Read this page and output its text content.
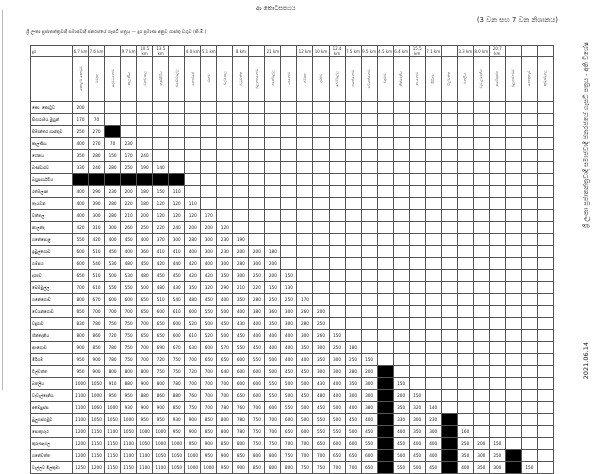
ආ කොටසපඨය
(3 වන සහ 7 වන නිශානය)
ශ්‍රී ලංකා ප්‍රජාතන්ත්‍රවාදී සමාජවාදී ජනරජයේ ගැසට් පත්‍රය — දුර ප්‍රමාණ අනුව ගාස්තු වගුව (කි.මී.)
දුර	6.7 km	7.6 km		9.7 km	10.5 km	13.5 km		4.0 km	5.1 km		8 km		21 km		12 km	10 km	12.4 km	7.5 km	9.5 km	4.5 km	6.4 km	15.5 km	7.1 km		3.3 km	8.0 km	20.7 km			
	කොළඹ කොටුව	මරදාන	දෙමටගොඩ	කැලණිය	වනවාසල	හුණුපිටිය	එඬේරමුල්ල	හොරපේ	රාගම	වල්පොල	බටුවත්ත	බුලුගහගොඩ	ගනේමුල්ල	යාගොඩ	ගම්පහ	දරළුව	බෙම්මුල්ල	ගනේගොඩ	වේයන්ගොඩ	වඳුරාව	හීන්දෙනිය	ආංගොඩ	මීරිගම	විල්වත්ත	බතලීය	වෑවැල්දෙනිය	අඹේපුස්ස	බුලුගස්ගමුව	පොතුහැර	කුරුණෑගල
කො. කොටුව	200																													
සිංහරාමය මුහුන්	170	70																												
සීමාන්තර ගාස්තුව	250	270																												
කැලණිය	400	270	70	230																										
හේනය	350	280	150	170	240																									
බණ්ඩාරව	330	240	280	250	190	140																								
බහුපාර්ශ්වීය																														
රත්මලාන	400	290	230	200	180	150	110																							
තැරැවන	400	390	280	220	180	120	120	110																						
වත්තල	400	300	280	210	200	120	120	120	170																					
නාලන්ද	420	310	300	260	250	220	240	200	200	120																				
ගනේපොළ	550	420	400	450	400	370	300	280	300	230	190																			
ඉඹුල්ගොඩ	600	510	450	400	360	410	410	400	300	230	200	200	180																	
ගම්පහ	600	540	530	480	450	420	440	420	400	300	280	300	200																	
දරළුව	650	510	500	530	480	450	450	420	420	350	300	250	200	150																
බෙම්මුල්ල	700	610	550	550	500	480	430	350	320	290	210	220	150	130																
ගනේගොඩ	800	670	600	600	650	510	540	480	450	400	350	280	250	250	170															
වේයන්ගොඩ	850	700	700	700	650	600	610	600	550	500	400	380	360	300	260	200														
වඳුරාව	830	780	750	750	700	650	600	520	500	450	430	400	350	300	280	250														
හීන්දෙනිය	800	860	720	750	650	650	600	610	520	500	450	400	400	400	300	260	150													
ආංගොඩ	900	850	780	750	700	690	670	630	600	570	550	450	400	400	350	300	250	180												
මීරිගම	950	900	780	750	700	720	750	700	650	650	600	550	500	400	400	350	300	250	150											
විල්වත්ත	950	900	800	800	800	750	750	720	700	640	600	600	500	450	450	300	300	280	200											
බතලීය	1000	1050	910	880	900	800	780	700	700	700	600	600	550	500	500	430	400	350	300		150									
වෑවැල්දෙනිය	1100	1000	950	950	880	860	880	760	700	700	650	600	550	500	450	480	400	300	300		200	150								
අඹේපුස්ස	1100	1060	1000	930	900	900	850	750	700	780	760	700	600	550	500	450	500	400	380		350	320	140							
බුලුගස්ගමුව	1100	1050	1050	1000	950	950	930	900	850	800	780	750	700	600	500	550	500	450	400		330	300	230							
පොතුහැර	1200	1150	1100	1050	1000	1000	950	900	850	800	780	750	700	650	600	550	550	500	450		400	350	300		160					
කුරුණෑගල	1200	1150	1150	1100	1050	1000	1000	950	900	850	800	750	750	700	700	650	600	600	550		450	400	400		250	200	150			
ගනේවත්ත	1200	1150	1150	1100	1100	1050	1050	1000	950	900	850	800	800	750	700	700	650	650	600		500	450	400		350	300	250			
වැල්ලව මිලකුමා	1250	1200	1150	1150	1100	1100	1050	1000	1000	950	900	850	800	800	750	750	700	700	650		550	500	450		400	350	300		150	
ශ්‍රී ලංකා ප්‍රජාතන්ත්‍රවාදී සමාජවාදී ජනරජයේ ගැසට් පත්‍රය - අති විශේෂ
2021.06.14
